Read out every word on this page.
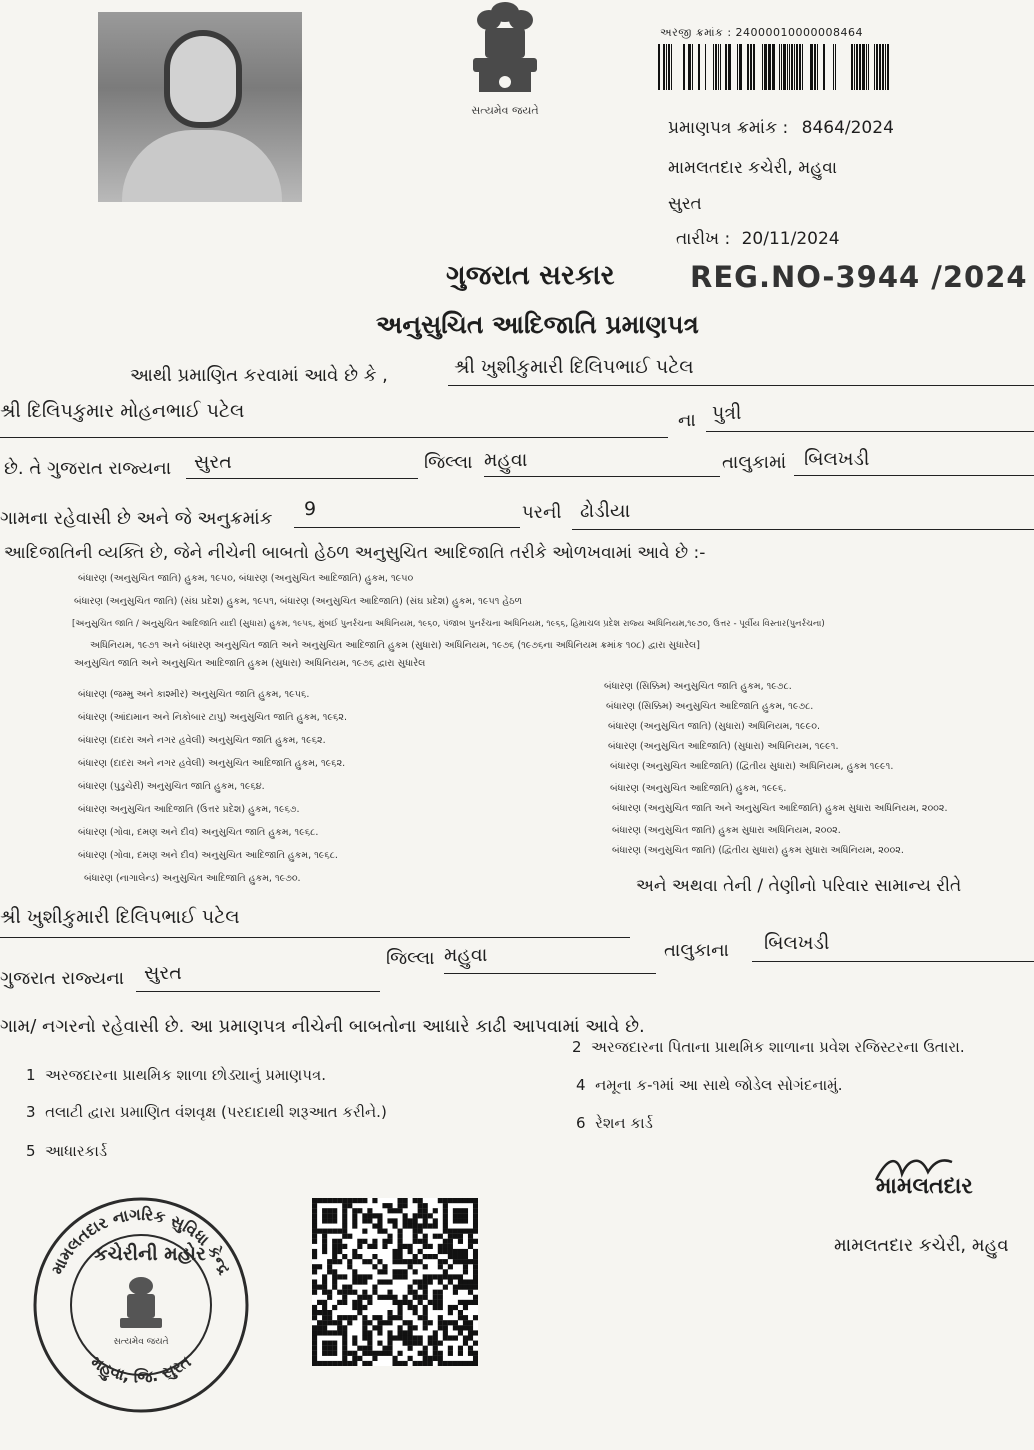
સત્યમેવ જયતે
અરજી ક્રમાંક : 24000010000008464
પ્રમાણપત્ર ક્રમાંક : 8464/2024
મામલતદાર કચેરી, મહુવા
સુરત
તારીખ : 20/11/2024
ગુજરાત સરકાર	REG.NO-3944 /2024
અનુસુચિત આદિજાતિ પ્રમાણપત્ર
આથી પ્રમાણિત કરવામાં આવે છે કે ,	શ્રી ખુશીકુમારી દિલિપભાઈ પટેલ
શ્રી દિલિપકુમાર મોહનભાઈ પટેલ	ના પુત્રી
છે. તે ગુજરાત રાજ્યના	સુરત	જિલ્લા મહુવા	તાલુકામાં બિલખડી
ગામના રહેવાસી છે અને જે અનુક્રમાંક	9	પરની ઢોડીયા
આદિજાતિની વ્યક્તિ છે, જેને નીચેની બાબતો હેઠળ અનુસુચિત આદિજાતિ તરીકે ઓળખવામાં આવે છે :-
બંધારણ (અનુસુચિત જાતિ) હુકમ, ૧૯૫૦, બંધારણ (અનુસુચિત આદિજાતિ) હુકમ, ૧૯૫૦
બંધારણ (અનુસુચિત જાતિ) (સંઘ પ્રદેશ) હુકમ, ૧૯૫૧, બંધારણ (અનુસુચિત આદિજાતિ) (સંઘ પ્રદેશ) હુકમ, ૧૯૫૧ હેઠળ
[અનુસુચિત જાતિ / અનુસુચિત આદિજાતિ યાદી (સુધારા) હુકમ, ૧૯૫૬, મુંબઈ પુનર્રચના અધિનિયમ, ૧૯૬૦, પંજાબ પુનર્રચના અધિનિયમ, ૧૯૬૬, હિમાચલ પ્રદેશ રાજ્ય અધિનિયમ,૧૯૭૦, ઉત્તર - પૂર્વીય વિસ્તાર(પુનર્રચના)
અધિનિયમ, ૧૯૭૧ અને બંધારણ અનુસુચિત જાતિ અને અનુસુચિત આદિજાતિ હુકમ (સુધારા) અધિનિયમ, ૧૯૭૬ (૧૯૭૬ના અધિનિયમ ક્રમાંક ૧૦૮) દ્વારા સુધારેલ]
અનુસુચિત જાતિ અને અનુસુચિત આદિજાતિ હુકમ (સુધારા) અધિનિયમ, ૧૯૭૬ દ્વારા સુધારેલ
બંધારણ (જમ્મુ અને કાશ્મીર) અનુસુચિત જાતિ હુકમ, ૧૯૫૬.
બંધારણ (આંદામાન અને નિકોબાર ટાપુ) અનુસુચિત જાતિ હુકમ, ૧૯૬૨.
બંધારણ (દાદરા અને નગર હવેલી) અનુસુચિત જાતિ હુકમ, ૧૯૬૨.
બંધારણ (દાદરા અને નગર હવેલી) અનુસુચિત આદિજાતિ હુકમ, ૧૯૬૨.
બંધારણ (પુડુચેરી) અનુસુચિત જાતિ હુકમ, ૧૯૬૪.
બંધારણ અનુસુચિત આદિજાતિ (ઉત્તર પ્રદેશ) હુકમ, ૧૯૬૭.
બંધારણ (ગોવા, દમણ અને દીવ) અનુસુચિત જાતિ હુકમ, ૧૯૬૮.
બંધારણ (ગોવા, દમણ અને દીવ) અનુસુચિત આદિજાતિ હુકમ, ૧૯૬૮.
બંધારણ (નાગાલેન્ડ) અનુસુચિત આદિજાતિ હુકમ, ૧૯૭૦.
બંધારણ (સિક્કિમ) અનુસુચિત જાતિ હુકમ, ૧૯૭૮.
બંધારણ (સિક્કિમ) અનુસુચિત આદિજાતિ હુકમ, ૧૯૭૮.
બંધારણ (અનુસુચિત જાતિ) (સુધારા) અધિનિયમ, ૧૯૯૦.
બંધારણ (અનુસુચિત આદિજાતિ) (સુધારા) અધિનિયમ, ૧૯૯૧.
બંધારણ (અનુસુચિત આદિજાતિ) (દ્વિતીય સુધારા) અધિનિયમ, હુકમ ૧૯૯૧.
બંધારણ (અનુસુચિત આદિજાતિ) હુકમ, ૧૯૯૬.
બંધારણ (અનુસુચિત જાતિ અને અનુસુચિત આદિજાતિ) હુકમ સુધારા અધિનિયમ, ૨૦૦૨.
બંધારણ (અનુસુચિત જાતિ) હુકમ સુધારા અધિનિયમ, ૨૦૦૨.
બંધારણ (અનુસુચિત જાતિ) (દ્વિતીય સુધારા) હુકમ સુધારા અધિનિયમ, ૨૦૦૨.
અને અથવા તેની / તેણીનો પરિવાર સામાન્ય રીતે
શ્રી ખુશીકુમારી દિલિપભાઈ પટેલ
ગુજરાત રાજ્યના	સુરત
જિલ્લા મહુવા	તાલુકાના	બિલખડી
ગામ/ નગરનો રહેવાસી છે. આ પ્રમાણપત્ર નીચેની બાબતોના આધારે કાઢી આપવામાં આવે છે.
1 અરજદારના પ્રાથમિક શાળા છોડ્યાનું પ્રમાણપત્ર.
2 અરજદારના પિતાના પ્રાથમિક શાળાના પ્રવેશ રજિસ્ટરના ઉતારા.
3 તલાટી દ્વારા પ્રમાણિત વંશવૃક્ષ (પરદાદાથી શરૂઆત કરીને.)
4 નમૂના ક-૧માં આ સાથે જોડેલ સોગંદનામું.
5 આધારકાર્ડ
6 રેશન કાર્ડ
મામલતદાર નાગરિક સુવિધા કેન્દ્ર
મહુવા, જિ. સુરત
કચેરીની મહોર
સત્યમેવ જયતે
મામલતદાર
મામલતદાર કચેરી, મહુવ
